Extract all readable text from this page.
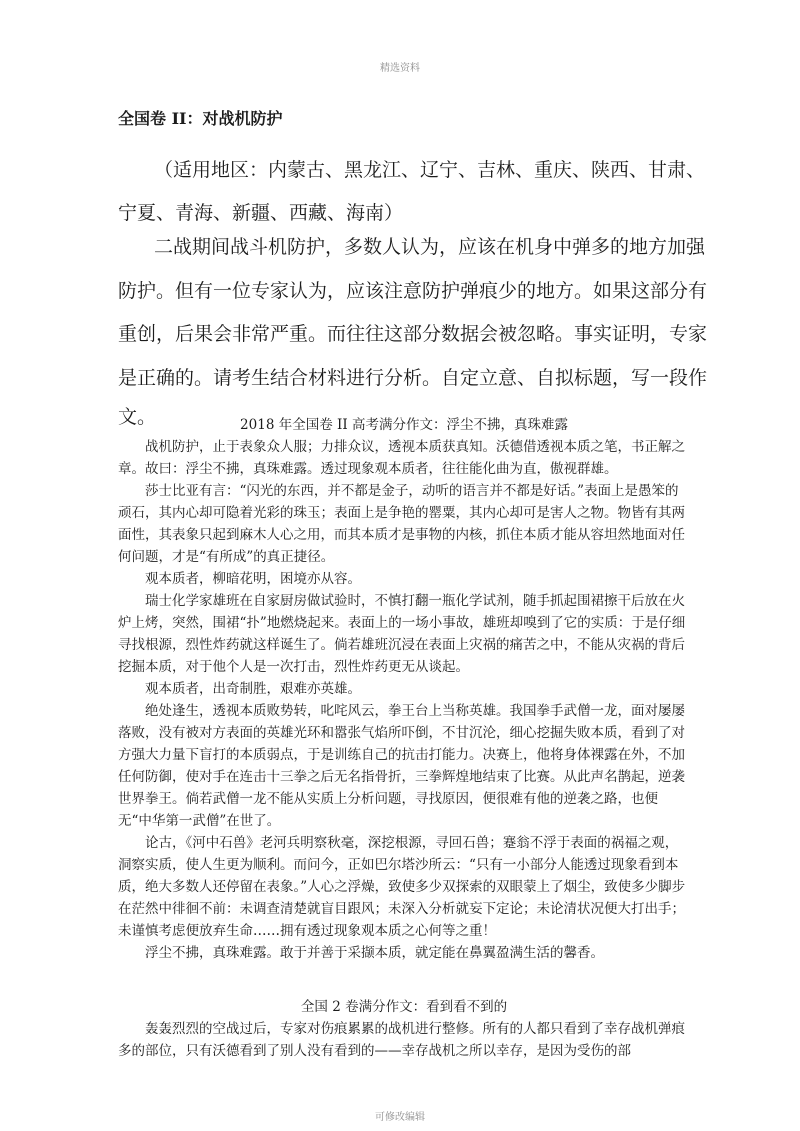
精选资料
全国卷 II：对战机防护
（适用地区：内蒙古、黑龙江、辽宁、吉林、重庆、陕西、甘肃、
宁夏、青海、新疆、西藏、海南）
二战期间战斗机防护，多数人认为，应该在机身中弹多的地方加强
防护。但有一位专家认为，应该注意防护弹痕少的地方。如果这部分有
重创，后果会非常严重。而往往这部分数据会被忽略。事实证明，专家
是正确的。请考生结合材料进行分析。自定立意、自拟标题，写一段作
文。	2018 年全国卷 II 高考满分作文：浮尘不拂，真珠难露
战机防护，止于表象众人服；力排众议，透视本质获真知。沃德借透视本质之笔，书正解之章。故曰：浮尘不拂，真珠难露。透过现象观本质者，往往能化曲为直，傲视群雄。
莎士比亚有言：“闪光的东西，并不都是金子，动听的语言并不都是好话。”表面上是愚笨的顽石，其内心却可隐着光彩的珠玉；表面上是争艳的罂粟，其内心却可是害人之物。物皆有其两面性，其表象只起到麻木人心之用，而其本质才是事物的内核，抓住本质才能从容坦然地面对任何问题，才是“有所成”的真正捷径。
观本质者，柳暗花明，困境亦从容。
瑞士化学家雄班在自家厨房做试验时，不慎打翻一瓶化学试剂，随手抓起围裙擦干后放在火炉上烤，突然，围裙“扑”地燃烧起来。表面上的一场小事故，雄班却嗅到了它的实质：于是仔细寻找根源，烈性炸药就这样诞生了。倘若雄班沉浸在表面上灾祸的痛苦之中，不能从灾祸的背后挖掘本质，对于他个人是一次打击，烈性炸药更无从谈起。
观本质者，出奇制胜，艰难亦英雄。
绝处逢生，透视本质败势转，叱咤风云，拳王台上当称英雄。我国拳手武僧一龙，面对屡屡落败，没有被对方表面的英雄光环和嚣张气焰所吓倒，不甘沉沦，细心挖掘失败本质，看到了对方强大力量下盲打的本质弱点，于是训练自己的抗击打能力。决赛上，他将身体裸露在外，不加任何防御，使对手在连击十三拳之后无名指骨折，三拳辉煌地结束了比赛。从此声名鹊起，逆袭世界拳王。倘若武僧一龙不能从实质上分析问题，寻找原因，便很难有他的逆袭之路，也便无“中华第一武僧”在世了。
论古，《河中石兽》老河兵明察秋毫，深挖根源，寻回石兽；蹇翁不浮于表面的祸福之观，洞察实质，使人生更为顺利。而问今，正如巴尔塔沙所云：“只有一小部分人能透过现象看到本质，绝大多数人还停留在表象。”人心之浮燥，致使多少双探索的双眼蒙上了烟尘，致使多少脚步在茫然中徘徊不前：未调查清楚就盲目跟风；未深入分析就妄下定论；未论清状况便大打出手；未谨慎考虑便放弃生命……拥有透过现象观本质之心何等之重！
浮尘不拂，真珠难露。敢于并善于采撷本质，就定能在鼻翼盈满生活的馨香。
全国 2 卷满分作文：看到看不到的
轰轰烈烈的空战过后，专家对伤痕累累的战机进行整修。所有的人都只看到了幸存战机弹痕多的部位，只有沃德看到了别人没有看到的——幸存战机之所以幸存，是因为受伤的部
可修改编辑
